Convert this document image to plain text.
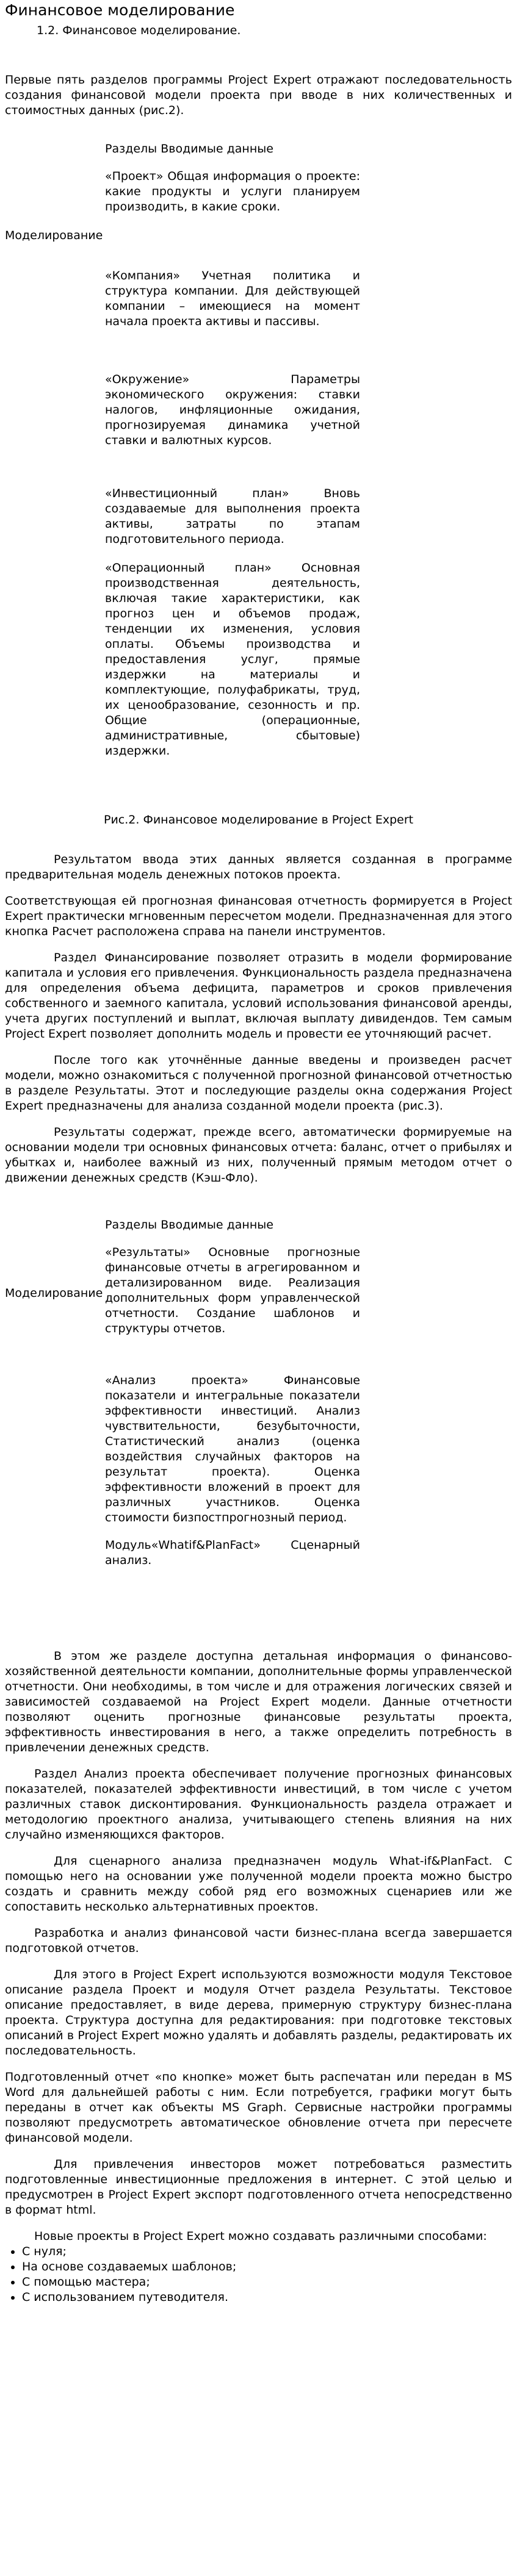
Финансовое моделирование
1.2. Финансовое моделирование.
Первые пять разделов программы Project Expert отражают последовательность создания финансовой модели проекта при вводе в них количественных и стоимостных данных (рис.2).
Моделирование
Разделы Вводимые данные
«Проект» Общая информация о проекте: какие продукты и услуги планируем производить, в какие сроки.
«Компания» Учетная политика и структура компании. Для действующей компании – имеющиеся на момент начала проекта активы и пассивы.
«Окружение» Параметры экономического окружения: ставки налогов, инфляционные ожидания, прогнозируемая динамика учетной ставки и валютных курсов.
«Инвестиционный план» Вновь создаваемые для выполнения проекта активы, затраты по этапам подготовительного периода.
«Операционный план» Основная производственная деятельность, включая такие характеристики, как прогноз цен и объемов продаж, тенденции их изменения, условия оплаты. Объемы производства и предоставления услуг, прямые издержки на материалы и комплектующие, полуфабрикаты, труд, их ценообразование, сезонность и пр. Общие (операционные, административные, сбытовые) издержки.
Рис.2. Финансовое моделирование в Project Expert
Результатом ввода этих данных является созданная в программе предварительная модель денежных потоков проекта.
Соответствующая ей прогнозная финансовая отчетность формируется в Project Expert практически мгновенным пересчетом модели. Предназначенная для этого кнопка Расчет расположена справа на панели инструментов.
Раздел Финансирование позволяет отразить в модели формирование капитала и условия его привлечения. Функциональность раздела предназначена для определения объема дефицита, параметров и сроков привлечения собственного и заемного капитала, условий использования финансовой аренды, учета других поступлений и выплат, включая выплату дивидендов. Тем самым Project Expert позволяет дополнить модель и провести ее уточняющий расчет.
После того как уточнённые данные введены и произведен расчет модели, можно ознакомиться с полученной прогнозной финансовой отчетностью в разделе Результаты. Этот и последующие разделы окна содержания Project Expert предназначены для анализа созданной модели проекта (рис.3).
Результаты содержат, прежде всего, автоматически формируемые на основании модели три основных финансовых отчета: баланс, отчет о прибылях и убытках и, наиболее важный из них, полученный прямым методом отчет о движении денежных средств (Кэш-Фло).
Моделирование
Разделы Вводимые данные
«Результаты» Основные прогнозные финансовые отчеты в агрегированном и детализированном виде. Реализация дополнительных форм управленческой отчетности. Создание шаблонов и структуры отчетов.
«Анализ проекта» Финансовые показатели и интегральные показатели эффективности инвестиций. Анализ чувствительности, безубыточности, Статистический анализ (оценка воздействия случайных факторов на результат проекта). Оценка эффективности вложений в проект для различных участников. Оценка стоимости бизпостпрогнозный период.
Модуль«Whatif&PlanFact» Сценарный анализ.
В этом же разделе доступна детальная информация о финансово-хозяйственной деятельности компании, дополнительные формы управленческой отчетности. Они необходимы, в том числе и для отражения логических связей и зависимостей создаваемой на Project Expert модели. Данные отчетности позволяют оценить прогнозные финансовые результаты проекта, эффективность инвестирования в него, а также определить потребность в привлечении денежных средств.
Раздел Анализ проекта обеспечивает получение прогнозных финансовых показателей, показателей эффективности инвестиций, в том числе с учетом различных ставок дисконтирования. Функциональность раздела отражает и методологию проектного анализа, учитывающего степень влияния на них случайно изменяющихся факторов.
Для сценарного анализа предназначен модуль What-if&PlanFact. С помощью него на основании уже полученной модели проекта можно быстро создать и сравнить между собой ряд его возможных сценариев или же сопоставить несколько альтернативных проектов.
Разработка и анализ финансовой части бизнес-плана всегда завершается подготовкой отчетов.
Для этого в Project Expert используются возможности модуля Текстовое описание раздела Проект и модуля Отчет раздела Результаты. Текстовое описание предоставляет, в виде дерева, примерную структуру бизнес-плана проекта. Структура доступна для редактирования: при подготовке текстовых описаний в Project Expert можно удалять и добавлять разделы, редактировать их последовательность.
Подготовленный отчет «по кнопке» может быть распечатан или передан в MS Word для дальнейшей работы с ним. Если потребуется, графики могут быть переданы в отчет как объекты MS Graph. Сервисные настройки программы позволяют предусмотреть автоматическое обновление отчета при пересчете финансовой модели.
Для привлечения инвесторов может потребоваться разместить подготовленные инвестиционные предложения в интернет. С этой целью и предусмотрен в Project Expert экспорт подготовленного отчета непосредственно в формат html.
Новые проекты в Project Expert можно создавать различными способами:
• С нуля;
• На основе создаваемых шаблонов;
• С помощью мастера;
• С использованием путеводителя.
